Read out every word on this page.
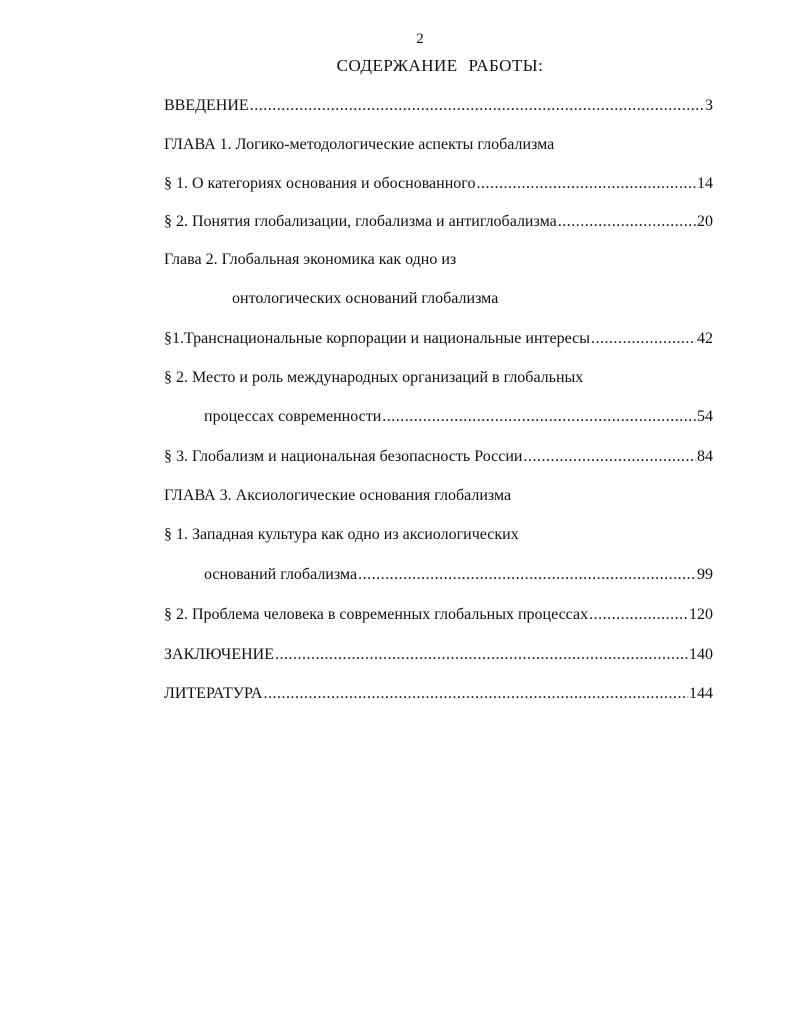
2
СОДЕРЖАНИЕ РАБОТЫ:
ВВЕДЕНИЕ .....	3
ГЛАВА 1. Логико-методологические аспекты глобализма
§ 1. О категориях основания и обоснованного .....	14
§ 2. Понятия глобализации, глобализма и антиглобализма .....	20
Глава 2. Глобальная экономика как одно из
онтологических оснований глобализма
§1.Транснациональные корпорации и национальные интересы .....	42
§ 2. Место и роль международных организаций в глобальных
процессах современности .....	54
§ 3. Глобализм и национальная безопасность России .....	84
ГЛАВА 3. Аксиологические основания глобализма
§ 1. Западная культура как одно из аксиологических
оснований глобализма .....	99
§ 2. Проблема человека в современных глобальных процессах .....	120
ЗАКЛЮЧЕНИЕ .....	140
ЛИТЕРАТУРА .....	144
